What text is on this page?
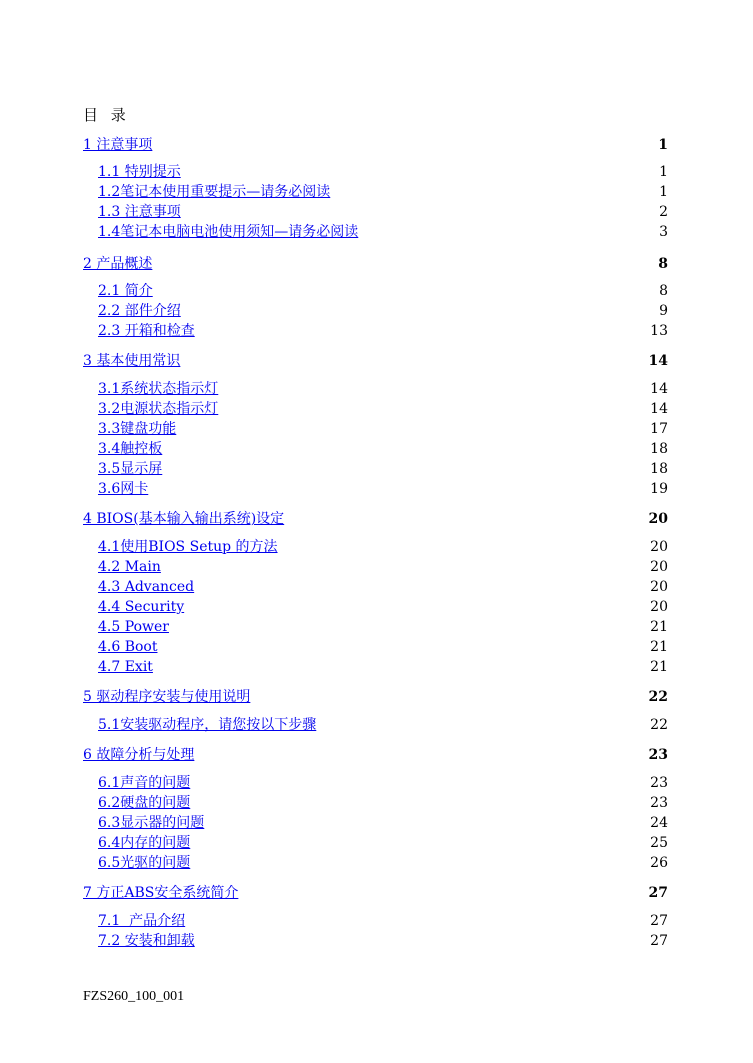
目 录
1 注意事项	1
1.1 特别提示	1
1.2笔记本使用重要提示—请务必阅读	1
1.3 注意事项	2
1.4笔记本电脑电池使用须知—请务必阅读	3
2 产品概述	8
2.1 简介	8
2.2 部件介绍	9
2.3 开箱和检查	13
3 基本使用常识	14
3.1系统状态指示灯	14
3.2电源状态指示灯	14
3.3键盘功能	17
3.4触控板	18
3.5显示屏	18
3.6网卡	19
4 BIOS(基本输入输出系统)设定	20
4.1使用BIOS Setup 的方法	20
4.2 Main	20
4.3 Advanced	20
4.4 Security	20
4.5 Power	21
4.6 Boot	21
4.7 Exit	21
5 驱动程序安装与使用说明	22
5.1安装驱动程序，请您按以下步骤	22
6 故障分析与处理	23
6.1声音的问题	23
6.2硬盘的问题	23
6.3显示器的问题	24
6.4内存的问题	25
6.5光驱的问题	26
7 方正ABS安全系统简介	27
7.1  产品介绍	27
7.2 安装和卸载	27
FZS260_100_001
